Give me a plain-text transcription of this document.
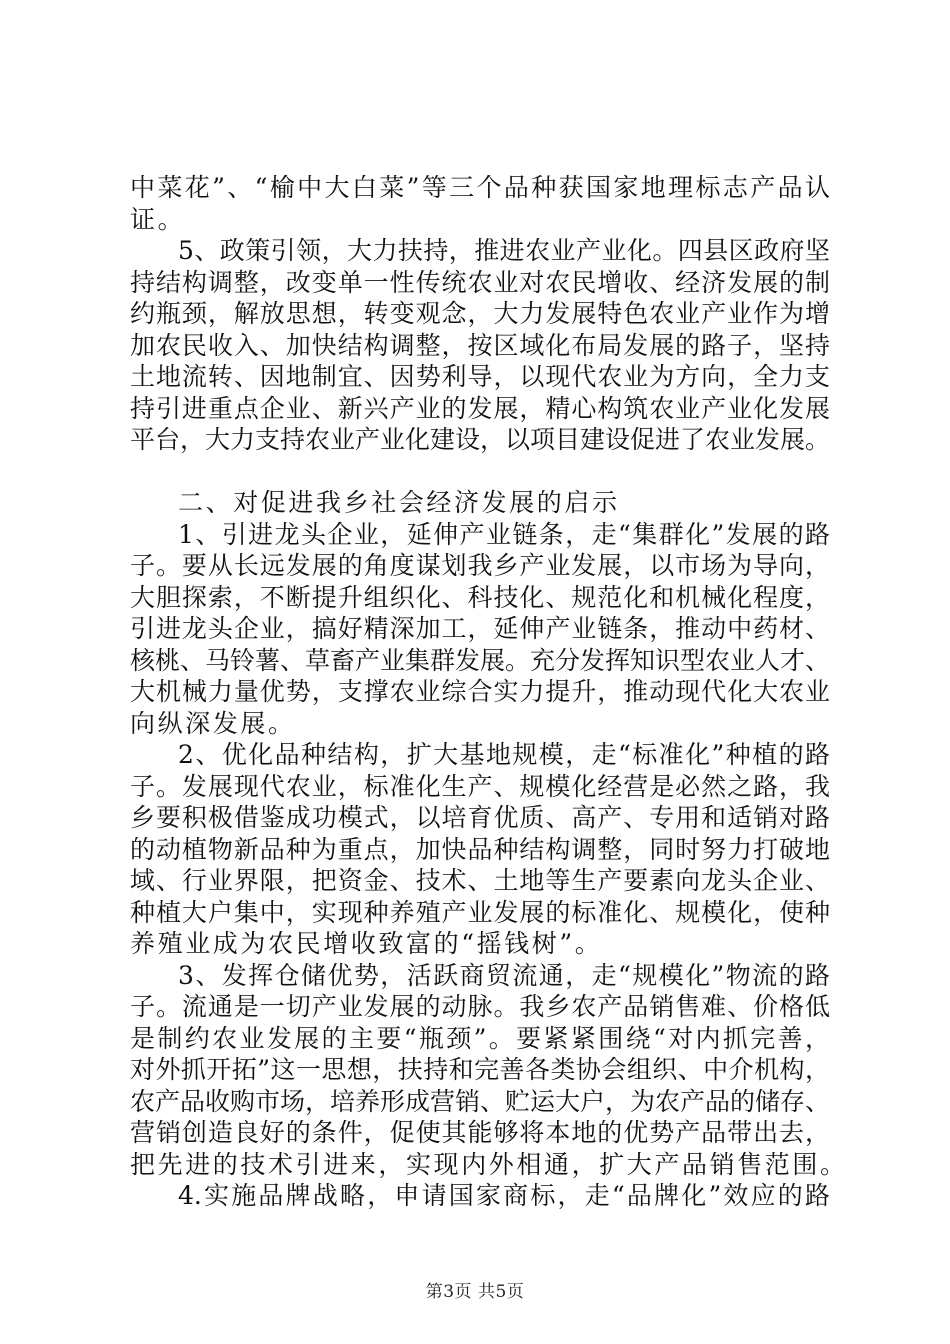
中菜花”、“榆中大白菜”等三个品种获国家地理标志产品认
证。
5、政策引领，大力扶持，推进农业产业化。四县区政府坚
持结构调整，改变单一性传统农业对农民增收、经济发展的制
约瓶颈，解放思想，转变观念，大力发展特色农业产业作为增
加农民收入、加快结构调整，按区域化布局发展的路子，坚持
土地流转、因地制宜、因势利导，以现代农业为方向，全力支
持引进重点企业、新兴产业的发展，精心构筑农业产业化发展
平台，大力支持农业产业化建设，以项目建设促进了农业发展。
二、对促进我乡社会经济发展的启示
1、引进龙头企业，延伸产业链条，走“集群化”发展的路
子。要从长远发展的角度谋划我乡产业发展，以市场为导向，
大胆探索，不断提升组织化、科技化、规范化和机械化程度，
引进龙头企业，搞好精深加工，延伸产业链条，推动中药材、
核桃、马铃薯、草畜产业集群发展。充分发挥知识型农业人才、
大机械力量优势，支撑农业综合实力提升，推动现代化大农业
向纵深发展。
2、优化品种结构，扩大基地规模，走“标准化”种植的路
子。发展现代农业，标准化生产、规模化经营是必然之路，我
乡要积极借鉴成功模式，以培育优质、高产、专用和适销对路
的动植物新品种为重点，加快品种结构调整，同时努力打破地
域、行业界限，把资金、技术、土地等生产要素向龙头企业、
种植大户集中，实现种养殖产业发展的标准化、规模化，使种
养殖业成为农民增收致富的“摇钱树”。
3、发挥仓储优势，活跃商贸流通，走“规模化”物流的路
子。流通是一切产业发展的动脉。我乡农产品销售难、价格低
是制约农业发展的主要“瓶颈”。要紧紧围绕“对内抓完善，
对外抓开拓”这一思想，扶持和完善各类协会组织、中介机构，
农产品收购市场，培养形成营销、贮运大户，为农产品的储存、
营销创造良好的条件，促使其能够将本地的优势产品带出去，
把先进的技术引进来，实现内外相通，扩大产品销售范围。
4.实施品牌战略，申请国家商标，走“品牌化”效应的路
第3页 共5页
